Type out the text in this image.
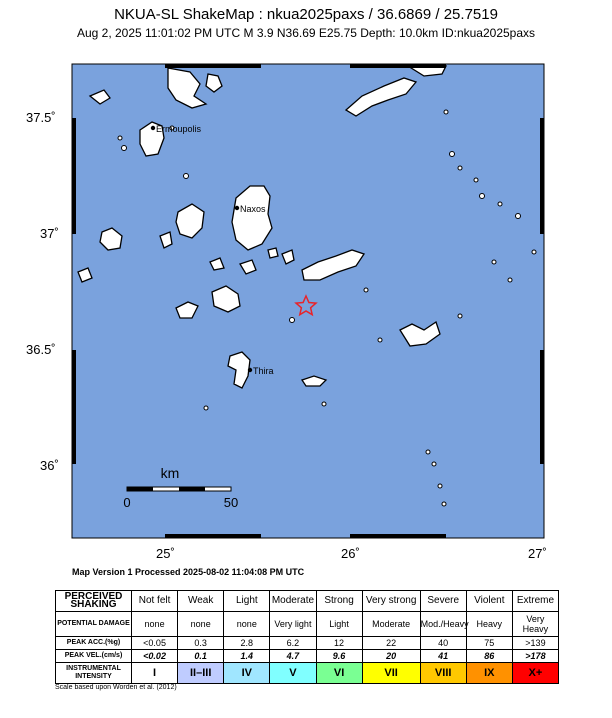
NKUA-SL ShakeMap : nkua2025paxs / 36.6869 / 25.7519
Aug 2, 2025 11:01:02 PM UTC M 3.9 N36.69 E25.75 Depth: 10.0km ID:nkua2025paxs
Ermoupolis
Naxos
Thira
km
0	50
37.5˚
37˚
36.5˚
36˚
25˚	26˚	27˚
Map Version 1 Processed 2025-08-02 11:04:08 PM UTC
PERCEIVED SHAKING	Not felt	Weak	Light	Moderate	Strong	Very strong	Severe	Violent	Extreme
POTENTIAL DAMAGE	none	none	none	Very light	Light	Moderate	Mod./Heavy	Heavy	Very Heavy
PEAK ACC.(%g)	<0.05	0.3	2.8	6.2	12	22	40	75	>139
PEAK VEL.(cm/s)	<0.02	0.1	1.4	4.7	9.6	20	41	86	>178
INSTRUMENTAL INTENSITY	I	II–III	IV	V	VI	VII	VIII	IX	X+
Scale based upon Worden et al. (2012)
